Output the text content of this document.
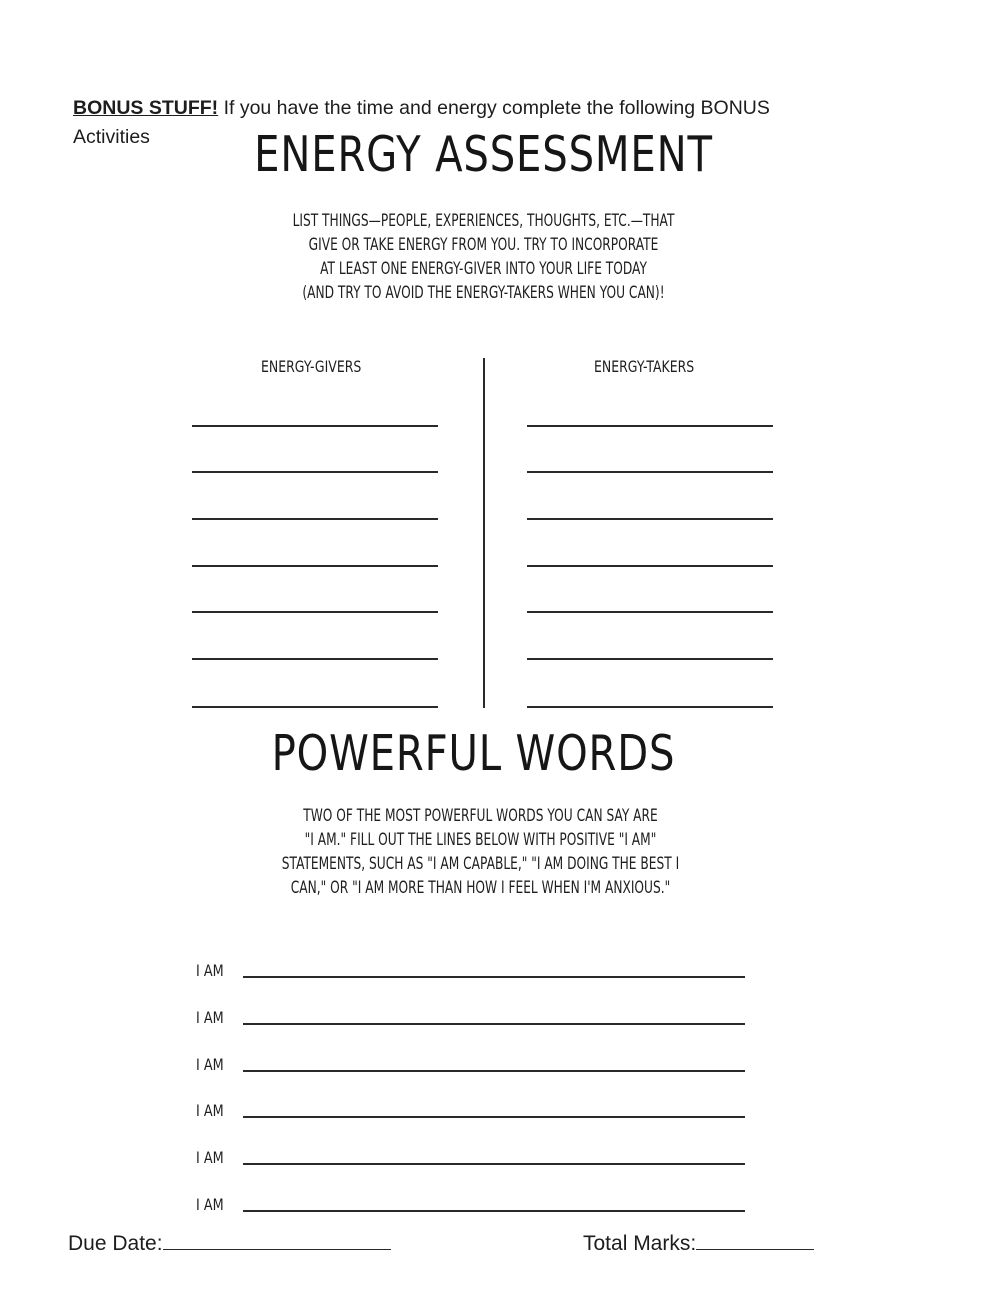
BONUS STUFF! If you have the time and energy complete the following BONUS
Activities	ENERGY ASSESSMENT
LIST THINGS—PEOPLE, EXPERIENCES, THOUGHTS, ETC.—THAT
GIVE OR TAKE ENERGY FROM YOU. TRY TO INCORPORATE
AT LEAST ONE ENERGY-GIVER INTO YOUR LIFE TODAY
(AND TRY TO AVOID THE ENERGY-TAKERS WHEN YOU CAN)!
ENERGY-GIVERS	ENERGY-TAKERS
POWERFUL WORDS
TWO OF THE MOST POWERFUL WORDS YOU CAN SAY ARE
"I AM." FILL OUT THE LINES BELOW WITH POSITIVE "I AM"
STATEMENTS, SUCH AS "I AM CAPABLE," "I AM DOING THE BEST I
CAN," OR "I AM MORE THAN HOW I FEEL WHEN I'M ANXIOUS."
I AM
I AM
I AM
I AM
I AM
I AM
Due Date:	Total Marks:
